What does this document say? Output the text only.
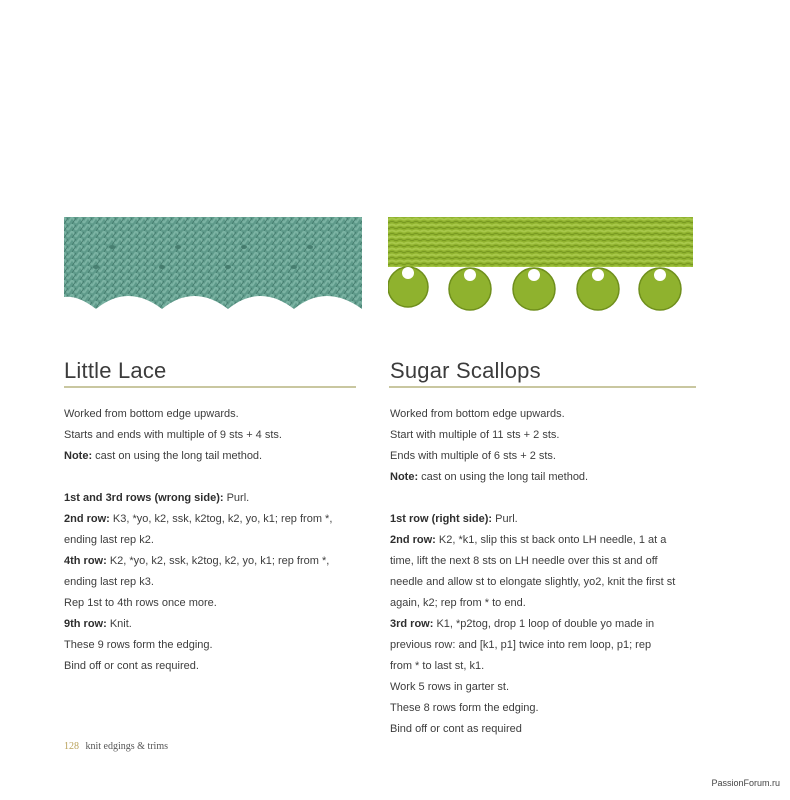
Little Lace	Sugar Scallops

Worked from bottom edge upwards.

Starts and ends with multiple of 9 sts + 4 sts.

Note: cast on using the long tail method.

1st and 3rd rows (wrong side): Purl.

2nd row: K3, *yo, k2, ssk, k2tog, k2, yo, k1; rep from *,

ending last rep k2.

4th row: K2, *yo, k2, ssk, k2tog, k2, yo, k1; rep from *,

ending last rep k3.

Rep 1st to 4th rows once more.

9th row: Knit.

These 9 rows form the edging.

Bind off or cont as required.

Worked from bottom edge upwards.

Start with multiple of 11 sts + 2 sts.

Ends with multiple of 6 sts + 2 sts.

Note: cast on using the long tail method.

1st row (right side): Purl.

2nd row: K2, *k1, slip this st back onto LH needle, 1 at a

time, lift the next 8 sts on LH needle over this st and off

needle and allow st to elongate slightly, yo2, knit the first st

again, k2; rep from * to end.

3rd row: K1, *p2tog, drop 1 loop of double yo made in

previous row: and [k1, p1] twice into rem loop, p1; rep

from * to last st, k1.

Work 5 rows in garter st.

These 8 rows form the edging.

Bind off or cont as required

128 knit edgings & trims
PassionForum.ru
